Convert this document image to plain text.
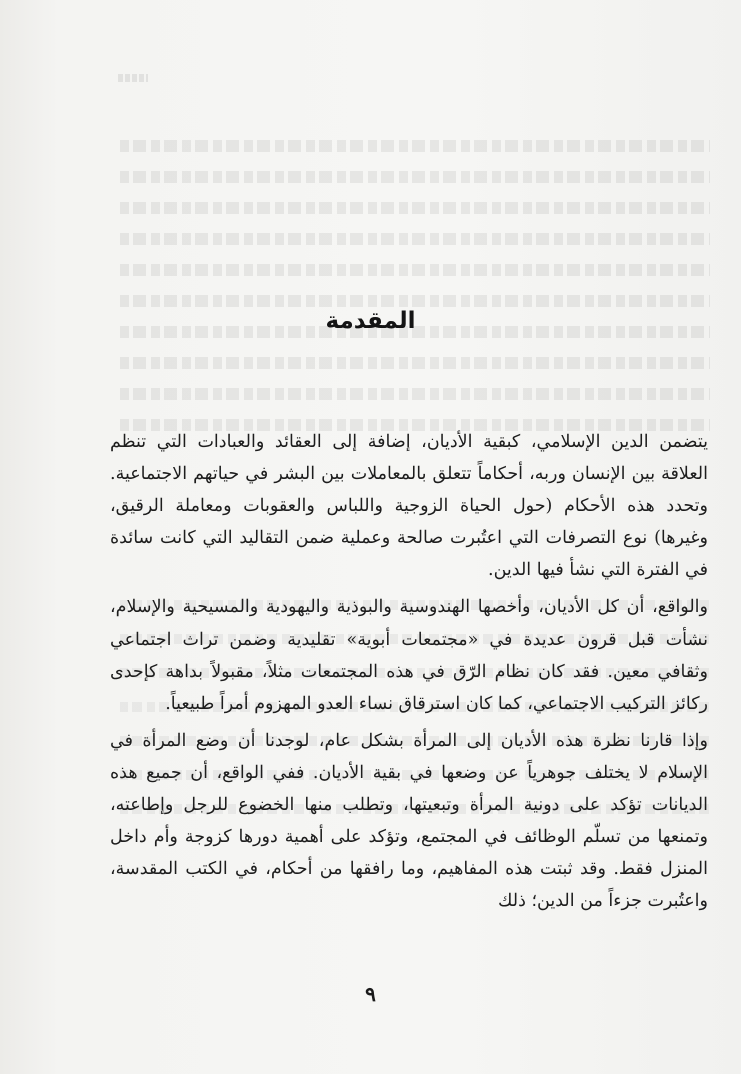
المقدمة

يتضمن الدين الإسلامي، كبقية الأديان، إضافة إلى العقائد والعبادات التي تنظم العلاقة بين الإنسان وربه، أحكاماً تتعلق بالمعاملات بين البشر في حياتهم الاجتماعية. وتحدد هذه الأحكام (حول الحياة الزوجية واللباس والعقوبات ومعاملة الرقيق، وغيرها) نوع التصرفات التي اعتُبرت صالحة وعملية ضمن التقاليد التي كانت سائدة في الفترة التي نشأ فيها الدين.

والواقع، أن كل الأديان، وأخصها الهندوسية والبوذية واليهودية والمسيحية والإسلام، نشأت قبل قرون عديدة في «مجتمعات أبوية» تقليدية وضمن تراث اجتماعي وثقافي معين. فقد كان نظام الرّق في هذه المجتمعات مثلاً، مقبولاً بداهة كإحدى ركائز التركيب الاجتماعي، كما كان استرقاق نساء العدو المهزوم أمراً طبيعياً.

وإذا قارنا نظرة هذه الأديان إلى المرأة بشكل عام، لوجدنا أن وضع المرأة في الإسلام لا يختلف جوهرياً عن وضعها في بقية الأديان. ففي الواقع، أن جميع هذه الديانات تؤكد على دونية المرأة وتبعيتها، وتطلب منها الخضوع للرجل وإطاعته، وتمنعها من تسلّم الوظائف في المجتمع، وتؤكد على أهمية دورها كزوجة وأم داخل المنزل فقط. وقد ثبتت هذه المفاهيم، وما رافقها من أحكام، في الكتب المقدسة، واعتُبرت جزءاً من الدين؛ ذلك

٩
